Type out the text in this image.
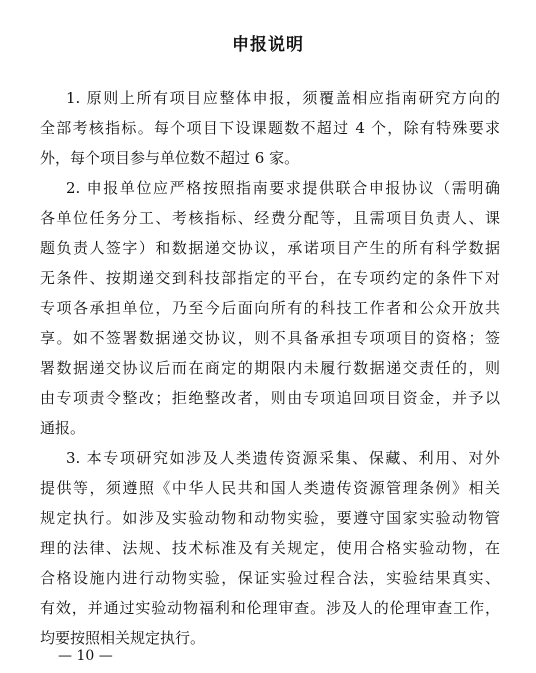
申报说明
1. 原则上所有项目应整体申报，须覆盖相应指南研究方向的
全部考核指标。每个项目下设课题数不超过 4 个，除有特殊要求
外，每个项目参与单位数不超过 6 家。
2. 申报单位应严格按照指南要求提供联合申报协议（需明确
各单位任务分工、考核指标、经费分配等，且需项目负责人、课
题负责人签字）和数据递交协议，承诺项目产生的所有科学数据
无条件、按期递交到科技部指定的平台，在专项约定的条件下对
专项各承担单位，乃至今后面向所有的科技工作者和公众开放共
享。如不签署数据递交协议，则不具备承担专项项目的资格；签
署数据递交协议后而在商定的期限内未履行数据递交责任的，则
由专项责令整改；拒绝整改者，则由专项追回项目资金，并予以
通报。
3. 本专项研究如涉及人类遗传资源采集、保藏、利用、对外
提供等，须遵照《中华人民共和国人类遗传资源管理条例》相关
规定执行。如涉及实验动物和动物实验，要遵守国家实验动物管
理的法律、法规、技术标准及有关规定，使用合格实验动物，在
合格设施内进行动物实验，保证实验过程合法，实验结果真实、
有效，并通过实验动物福利和伦理审查。涉及人的伦理审查工作，
均要按照相关规定执行。
— 10 —
